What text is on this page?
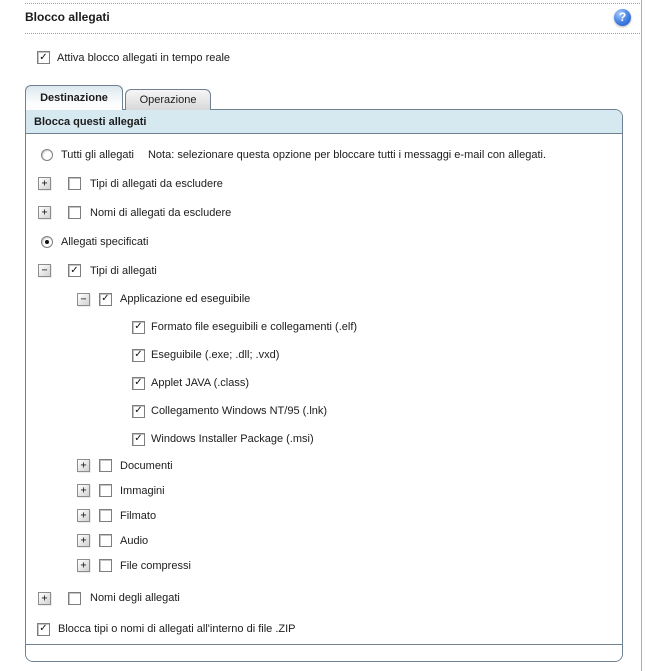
Blocco allegati	?
✓ Attiva blocco allegati in tempo reale
Destinazione	Operazione
Blocca questi allegati
Tutti gli allegati Nota: selezionare questa opzione per bloccare tutti i messaggi e-mail con allegati.
+	Tipi di allegati da escludere
+	Nomi di allegati da escludere
Allegati specificati
−	✓ Tipi di allegati
−	✓ Applicazione ed eseguibile
✓ Formato file eseguibili e collegamenti (.elf)
✓ Eseguibile (.exe; .dll; .vxd)
✓ Applet JAVA (.class)
✓ Collegamento Windows NT/95 (.lnk)
✓ Windows Installer Package (.msi)
+	Documenti
+	Immagini
+	Filmato
+	Audio
+	File compressi
+	Nomi degli allegati
✓ Blocca tipi o nomi di allegati all'interno di file .ZIP
